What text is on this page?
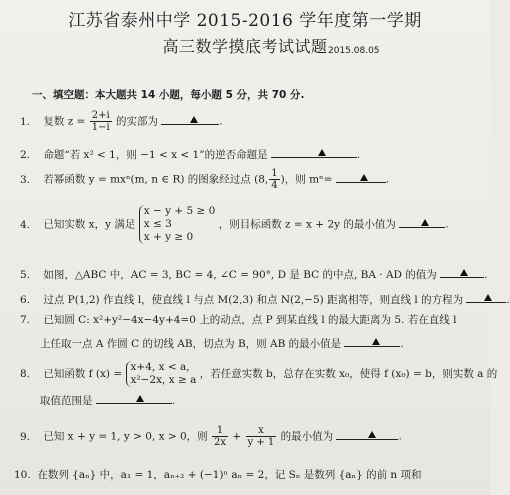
江苏省泰州中学 2015-2016 学年度第一学期
高三数学摸底考试试题 2015.08.05
一、填空题：本大题共 14 小题，每小题 5 分，共 70 分.
1. 复数 $z = \frac{2+i}{1-i}$ 的实部为	.
2. 命题“若 x² < 1，则 −1 < x < 1”的逆否命题是	.
3. 若幂函数 y = mxⁿ(m, n ∈ R) 的图象经过点 (8, $\frac{1}{4}$ )，则 mⁿ=	.
4. 已知实数 x，y 满足
x − y + 5 ≥ 0
x ≤ 3
x + y ≥ 0
，则目标函数 z = x + 2y 的最小值为	.
5. 如图，△ABC 中，AC = 3, BC = 4, ∠C = 90°, D 是 BC 的中点, BA · AD 的值为	.
6. 过点 P(1,2) 作直线 l，使直线 l 与点 M(2,3) 和点 N(2,−5) 距离相等，则直线 l 的方程为	.
7. 已知圆 C: x²+y²−4x−4y+4=0 上的动点，点 P 到某直线 l 的最大距离为 5. 若在直线 l
上任取一点 A 作圆 C 的切线 AB，切点为 B，则 AB 的最小值是	.
8. 已知函数 f (x) =
x+4, x < a,
x²−2x, x ≥ a ，若任意实数 b，总存在实数 x₀，使得 f (x₀) = b，则实数 a 的
取值范围是	.
9. 已知 x + y = 1, y > 0, x > 0，则 $\frac{1}{2x} + \frac{x}{y + 1}$ 的最小值为	.
10. 在数列 {aₙ} 中，a₁ = 1，aₙ₊₂ + (−1)ⁿ aₙ = 2，记 Sₙ 是数列 {aₙ} 的前 n 项和
